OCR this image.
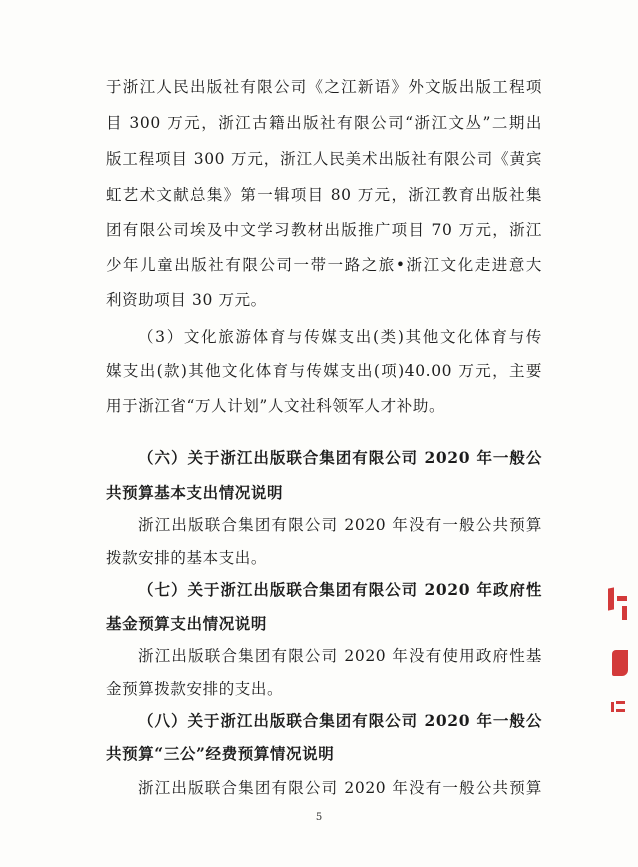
于浙江人民出版社有限公司《之江新语》外文版出版工程项
目 300 万元，浙江古籍出版社有限公司“浙江文丛”二期出
版工程项目 300 万元，浙江人民美术出版社有限公司《黄宾
虹艺术文献总集》第一辑项目 80 万元，浙江教育出版社集
团有限公司埃及中文学习教材出版推广项目 70 万元，浙江
少年儿童出版社有限公司一带一路之旅•浙江文化走进意大
利资助项目 30 万元。
（3）文化旅游体育与传媒支出(类)其他文化体育与传
媒支出(款)其他文化体育与传媒支出(项)40.00 万元，主要
用于浙江省“万人计划”人文社科领军人才补助。
（六）关于浙江出版联合集团有限公司 2020 年一般公
共预算基本支出情况说明
浙江出版联合集团有限公司 2020 年没有一般公共预算
拨款安排的基本支出。
（七）关于浙江出版联合集团有限公司 2020 年政府性
基金预算支出情况说明
浙江出版联合集团有限公司 2020 年没有使用政府性基
金预算拨款安排的支出。
（八）关于浙江出版联合集团有限公司 2020 年一般公
共预算“三公”经费预算情况说明
浙江出版联合集团有限公司 2020 年没有一般公共预算
5
